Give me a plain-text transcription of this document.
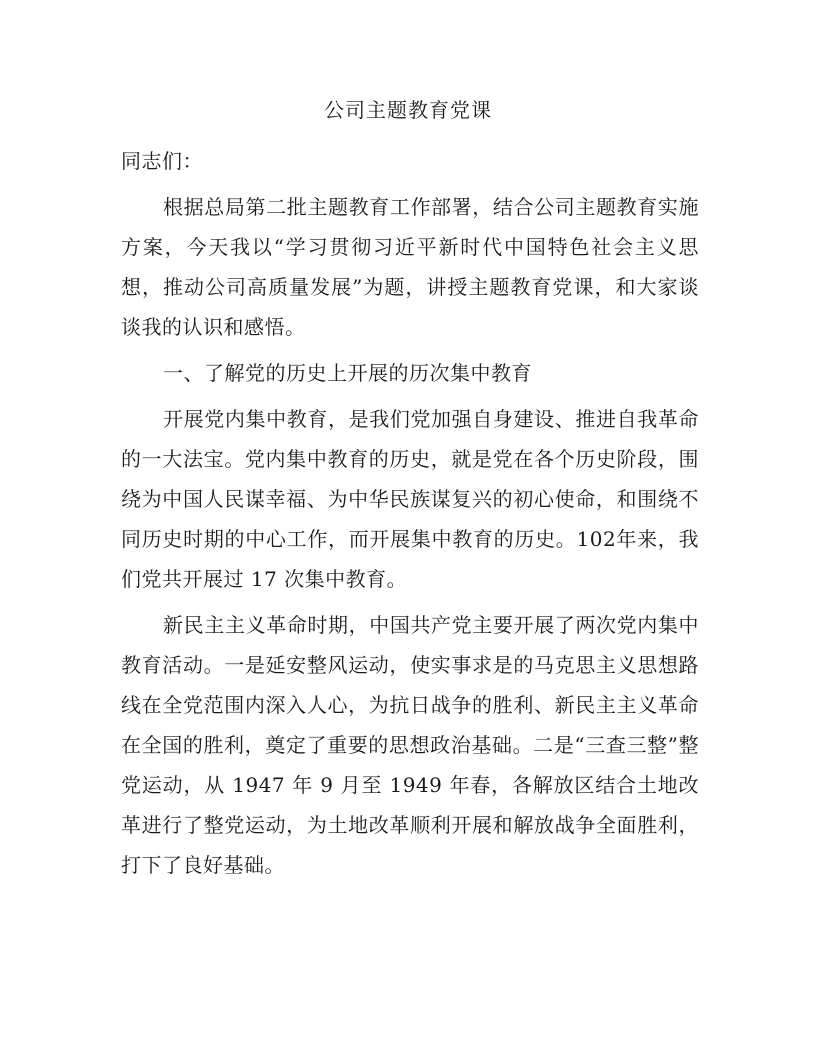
公司主题教育党课

同志们：

根据总局第二批主题教育工作部署，结合公司主题教育实施方案，今天我以“学习贯彻习近平新时代中国特色社会主义思想，推动公司高质量发展”为题，讲授主题教育党课，和大家谈谈我的认识和感悟。

一、了解党的历史上开展的历次集中教育

开展党内集中教育，是我们党加强自身建设、推进自我革命的一大法宝。党内集中教育的历史，就是党在各个历史阶段，围绕为中国人民谋幸福、为中华民族谋复兴的初心使命，和围绕不同历史时期的中心工作，而开展集中教育的历史。102年来，我们党共开展过 17 次集中教育。

新民主主义革命时期，中国共产党主要开展了两次党内集中教育活动。一是延安整风运动，使实事求是的马克思主义思想路线在全党范围内深入人心，为抗日战争的胜利、新民主主义革命在全国的胜利，奠定了重要的思想政治基础。二是“三查三整”整党运动，从 1947 年 9 月至 1949 年春，各解放区结合土地改革进行了整党运动，为土地改革顺利开展和解放战争全面胜利，打下了良好基础。
